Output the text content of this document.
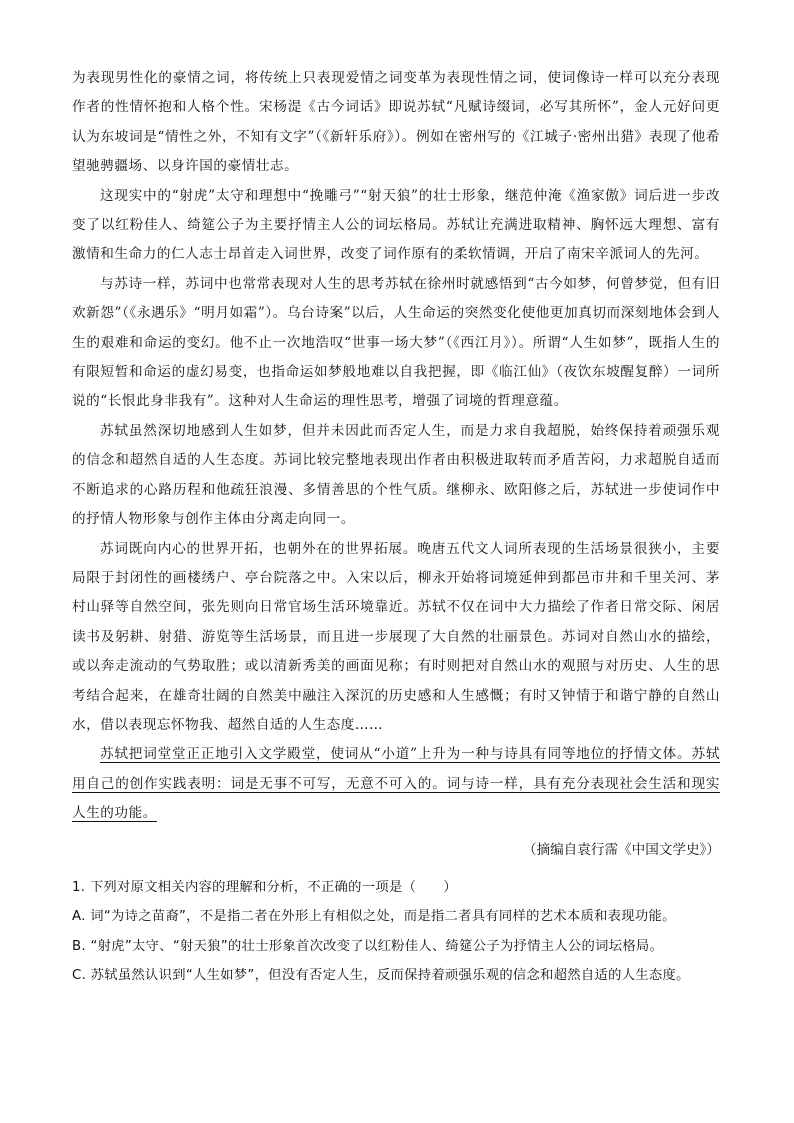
为表现男性化的豪情之词，将传统上只表现爱情之词变革为表现性情之词，使词像诗一样可以充分表现作者的性情怀抱和人格个性。宋杨湜《古今词话》即说苏轼“凡赋诗缀词，必写其所怀”，金人元好问更认为东坡词是“情性之外，不知有文字”（《新轩乐府》）。例如在密州写的《江城子·密州出猎》表现了他希望驰骋疆场、以身许国的豪情壮志。

这现实中的“射虎”太守和理想中“挽雕弓”“射天狼”的壮士形象，继范仲淹《渔家傲》词后进一步改变了以红粉佳人、绮筵公子为主要抒情主人公的词坛格局。苏轼让充满进取精神、胸怀远大理想、富有激情和生命力的仁人志士昂首走入词世界，改变了词作原有的柔软情调，开启了南宋辛派词人的先河。

与苏诗一样，苏词中也常常表现对人生的思考苏轼在徐州时就感悟到“古今如梦，何曾梦觉，但有旧欢新怨”（《永遇乐》“明月如霜”）。乌台诗案”以后，人生命运的突然变化使他更加真切而深刻地体会到人生的艰难和命运的变幻。他不止一次地浩叹“世事一场大梦”（《西江月》）。所谓“人生如梦”，既指人生的有限短暂和命运的虚幻易变，也指命运如梦般地难以自我把握，即《临江仙》（夜饮东坡醒复醉）一词所说的“长恨此身非我有”。这种对人生命运的理性思考，增强了词境的哲理意蕴。

苏轼虽然深切地感到人生如梦，但并未因此而否定人生，而是力求自我超脱，始终保持着顽强乐观的信念和超然自适的人生态度。苏词比较完整地表现出作者由积极进取转而矛盾苦闷，力求超脱自适而不断追求的心路历程和他疏狂浪漫、多情善思的个性气质。继柳永、欧阳修之后，苏轼进一步使词作中的抒情人物形象与创作主体由分离走向同一。

苏词既向内心的世界开拓，也朝外在的世界拓展。晚唐五代文人词所表现的生活场景很狭小，主要局限于封闭性的画楼绣户、亭台院落之中。入宋以后，柳永开始将词境延伸到都邑市井和千里关河、茅村山驿等自然空间，张先则向日常官场生活环境靠近。苏轼不仅在词中大力描绘了作者日常交际、闲居读书及躬耕、射猎、游览等生活场景，而且进一步展现了大自然的壮丽景色。苏词对自然山水的描绘，或以奔走流动的气势取胜；或以清新秀美的画面见称；有时则把对自然山水的观照与对历史、人生的思考结合起来，在雄奇壮阔的自然美中融注入深沉的历史感和人生感慨；有时又钟情于和谐宁静的自然山水，借以表现忘怀物我、超然自适的人生态度……

苏轼把词堂堂正正地引入文学殿堂，使词从“小道”上升为一种与诗具有同等地位的抒情文体。苏轼用自己的创作实践表明：词是无事不可写，无意不可入的。词与诗一样，具有充分表现社会生活和现实人生的功能。

（摘编自袁行霈《中国文学史》）

1. 下列对原文相关内容的理解和分析，不正确的一项是（　　）

A. 词“为诗之苗裔”，不是指二者在外形上有相似之处，而是指二者具有同样的艺术本质和表现功能。

B. “射虎”太守、“射天狼”的壮士形象首次改变了以红粉佳人、绮筵公子为抒情主人公的词坛格局。

C. 苏轼虽然认识到“人生如梦”，但没有否定人生，反而保持着顽强乐观的信念和超然自适的人生态度。
